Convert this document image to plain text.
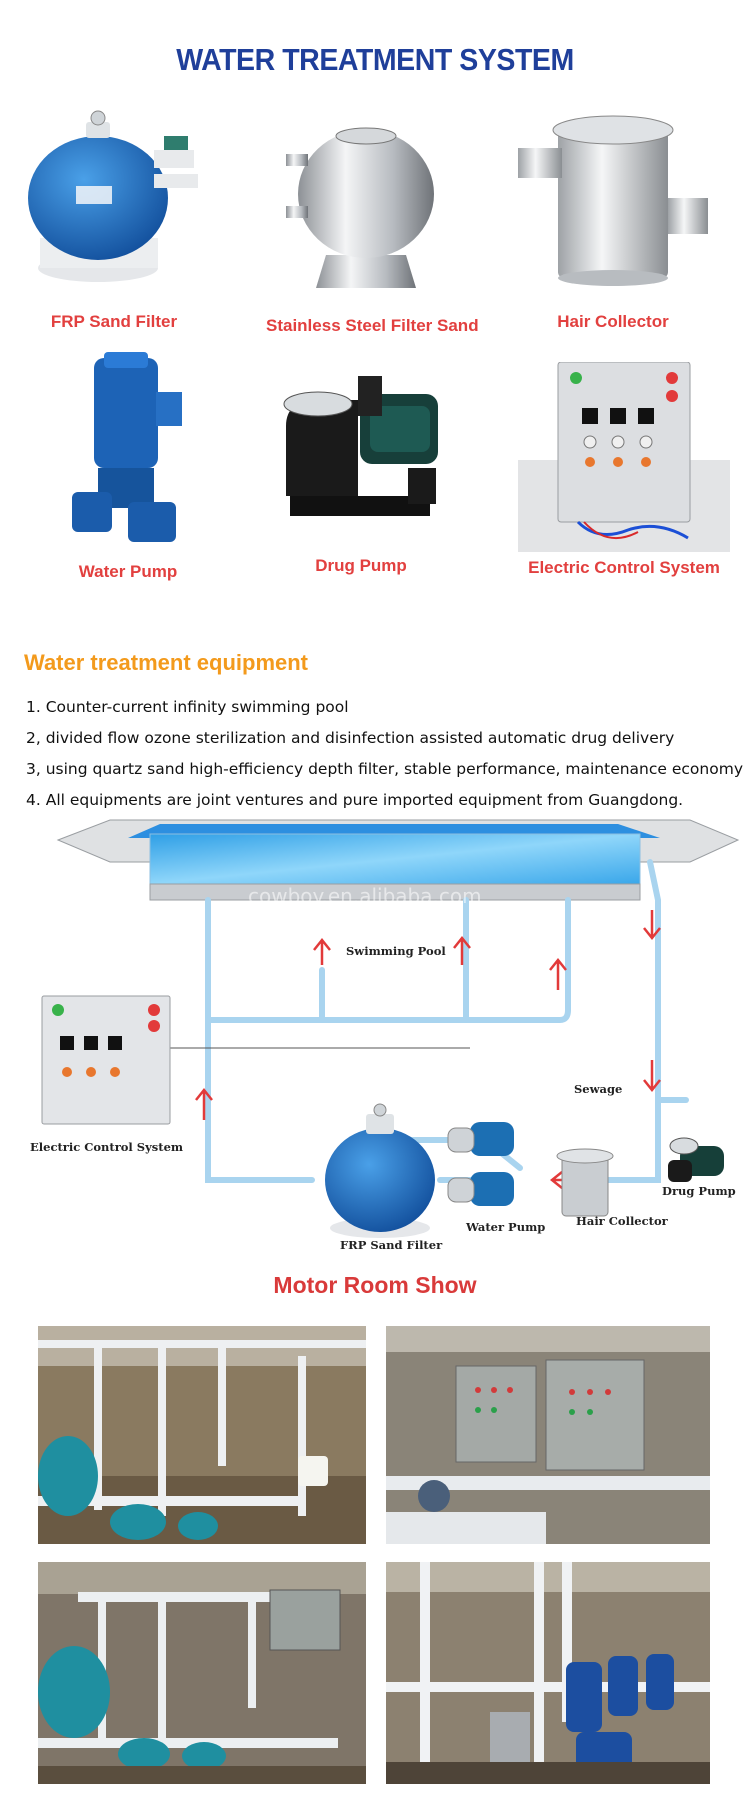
WATER TREATMENT SYSTEM
FRP Sand Filter	Stainless Steel Filter Sand	Hair Collector
Water Pump	Drug Pump	Electric Control System
Water treatment equipment
1. Counter-current infinity swimming pool
2, divided flow ozone sterilization and disinfection assisted automatic drug delivery
3, using quartz sand high-efficiency depth filter, stable performance, maintenance economy
4. All equipments are joint ventures and pure imported equipment from Guangdong.
cowboy.en.alibaba.com
Swimming Pool
Sewage
Electric Control System
Drug Pump
Hair Collector
Water Pump
FRP Sand Filter
Motor Room Show
